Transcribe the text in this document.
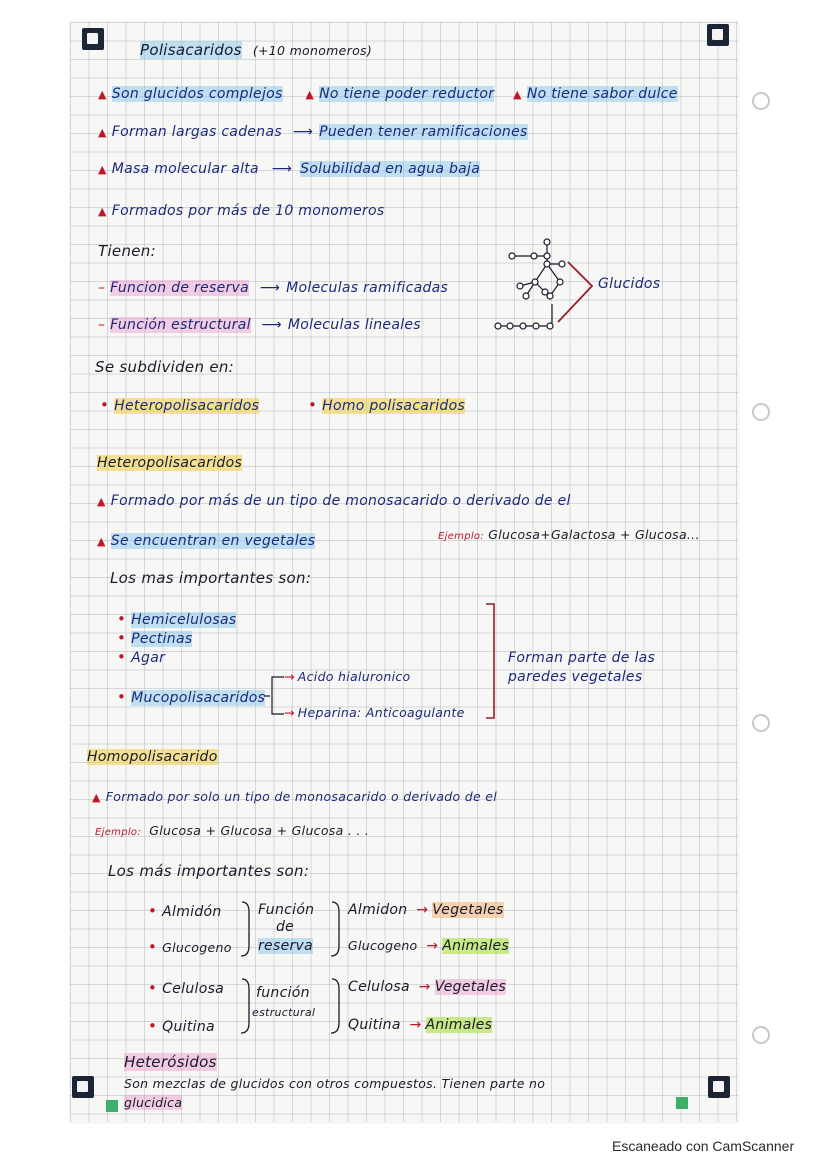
Polisacaridos (+10 monomeros)
▲ Son glucidos complejos ▲ No tiene poder reductor ▲ No tiene sabor dulce
▲ Forman largas cadenas ⟶ Pueden tener ramificaciones
▲ Masa molecular alta ⟶ Solubilidad en agua baja
▲ Formados por más de 10 monomeros
Tienen:
– Funcion de reserva ⟶ Moleculas ramificadas
– Función estructural ⟶ Moleculas lineales
Glucidos
Se subdividen en:
• Heteropolisacaridos	• Homo polisacaridos
Heteropolisacaridos
▲ Formado por más de un tipo de monosacarido o derivado de el
▲ Se encuentran en vegetales	Ejemplo: Glucosa+Galactosa + Glucosa...
Los mas importantes son:
• Hemicelulosas
• Pectinas
• Agar
• Mucopolisacaridos
→ Acido hialuronico
→ Heparina: Anticoagulante
Forman parte de las
paredes vegetales
Homopolisacarido
▲ Formado por solo un tipo de monosacarido o derivado de el
Ejemplo: Glucosa + Glucosa + Glucosa . . .
Los más importantes son:
• Almidón
• Glucogeno
• Celulosa
• Quitina
Función
de
reserva
función
estructural
Almidon → Vegetales
Glucogeno → Animales
Celulosa → Vegetales
Quitina → Animales
Heterósidos
Son mezclas de glucidos con otros compuestos. Tienen parte no
glucidica
Escaneado con CamScanner
